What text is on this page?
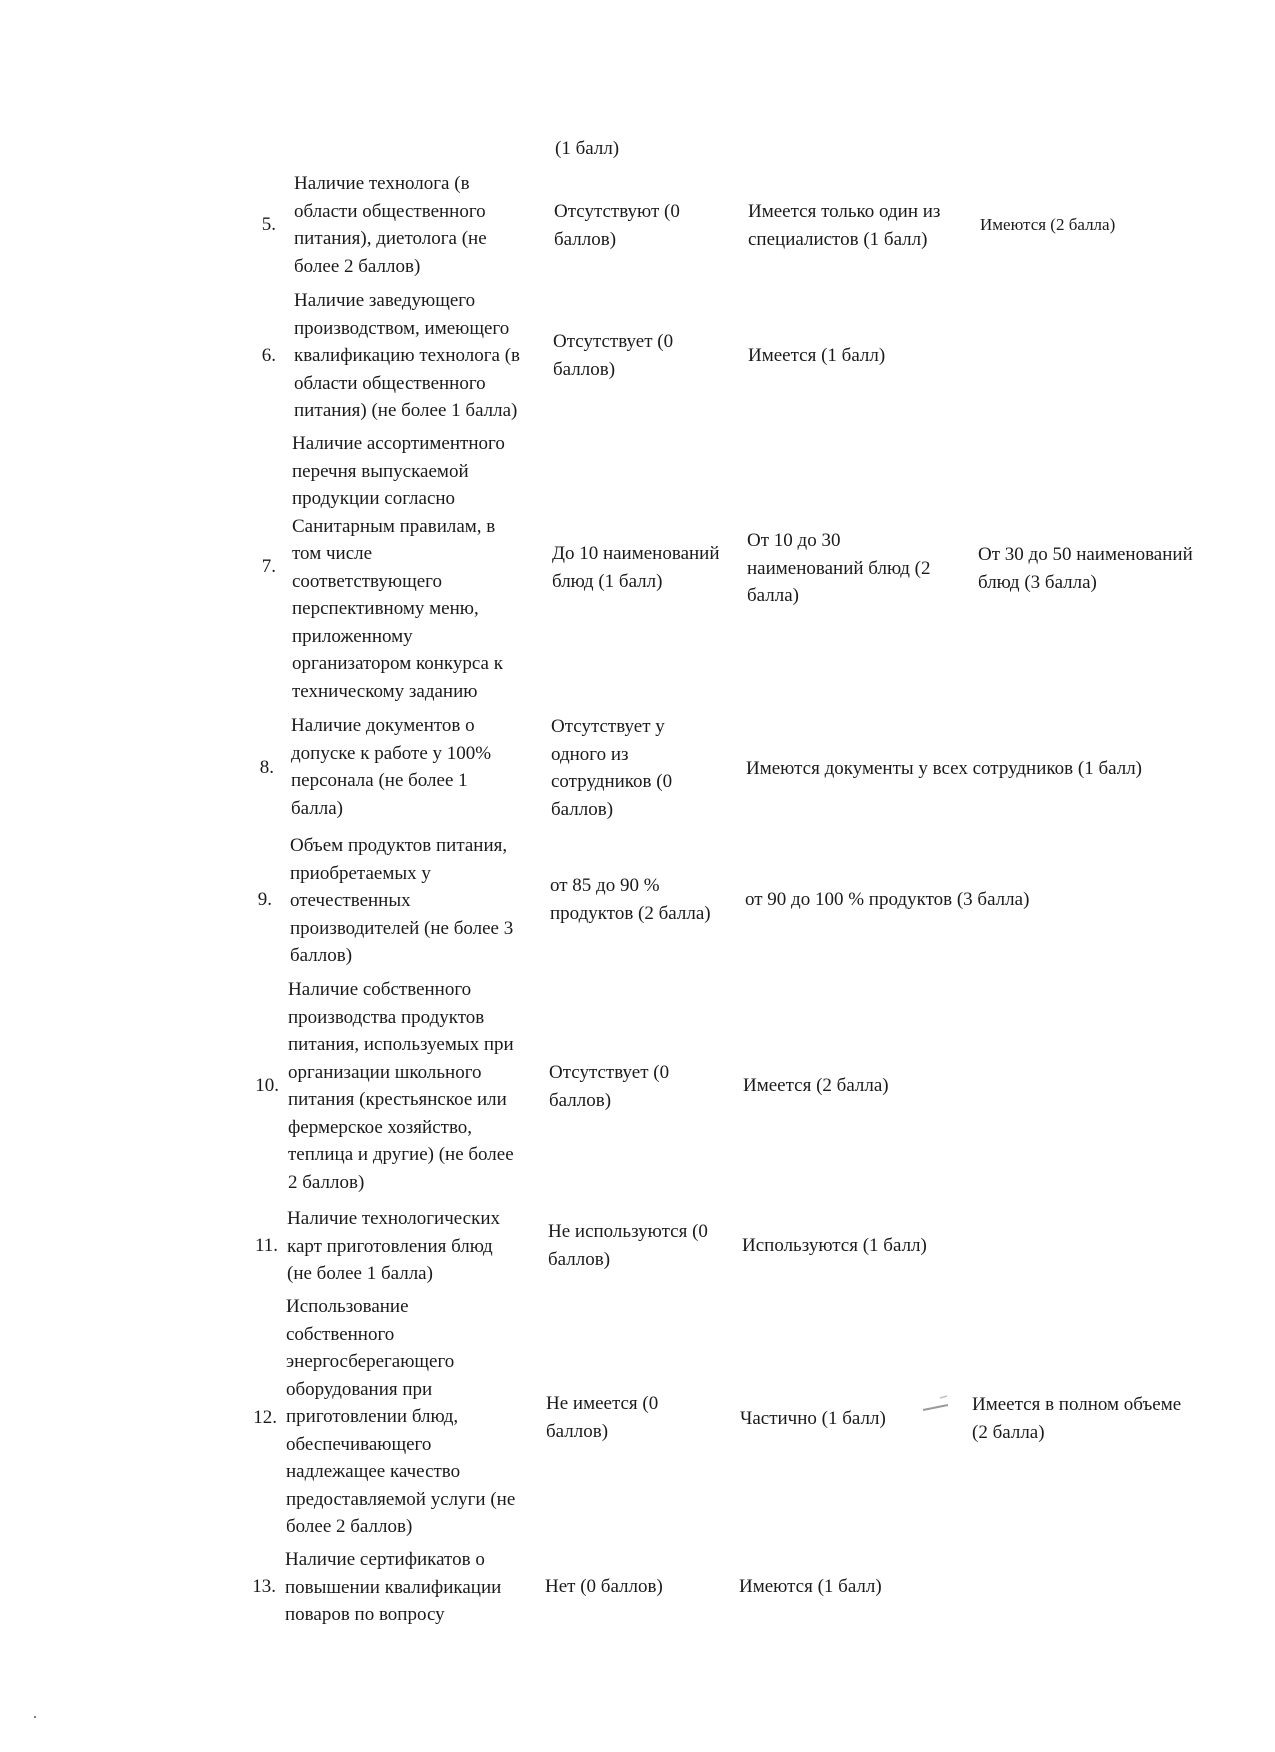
(1 балл)
5.
Наличие технолога (в
области общественного
питания), диетолога (не
более 2 баллов)
Отсутствуют (0
баллов)
Имеется только один из
специалистов (1 балл)
Имеются (2 балла)
6.
Наличие заведующего
производством, имеющего
квалификацию технолога (в
области общественного
питания) (не более 1 балла)
Отсутствует (0
баллов)
Имеется (1 балл)
7.
Наличие ассортиментного
перечня выпускаемой
продукции согласно
Санитарным правилам, в
том числе
соответствующего
перспективному меню,
приложенному
организатором конкурса к
техническому заданию
До 10 наименований
блюд (1 балл)
От 10 до 30
наименований блюд (2
балла)
От 30 до 50 наименований
блюд (3 балла)
8.
Наличие документов о
допуске к работе у 100%
персонала (не более 1
балла)
Отсутствует у
одного из
сотрудников (0
баллов)
Имеются документы у всех сотрудников (1 балл)
9.
Объем продуктов питания,
приобретаемых у
отечественных
производителей (не более 3
баллов)
от 85 до 90 %
продуктов (2 балла)
от 90 до 100 % продуктов (3 балла)
10.
Наличие собственного
производства продуктов
питания, используемых при
организации школьного
питания (крестьянское или
фермерское хозяйство,
теплица и другие) (не более
2 баллов)
Отсутствует (0
баллов)
Имеется (2 балла)
11.
Наличие технологических
карт приготовления блюд
(не более 1 балла)
Не используются (0
баллов)
Используются (1 балл)
12.
Использование
собственного
энергосберегающего
оборудования при
приготовлении блюд,
обеспечивающего
надлежащее качество
предоставляемой услуги (не
более 2 баллов)
Не имеется (0
баллов)
Частично (1 балл)
Имеется в полном объеме
(2 балла)
13.
Наличие сертификатов о
повышении квалификации
поваров по вопросу
Нет (0 баллов)	Имеются (1 балл)
